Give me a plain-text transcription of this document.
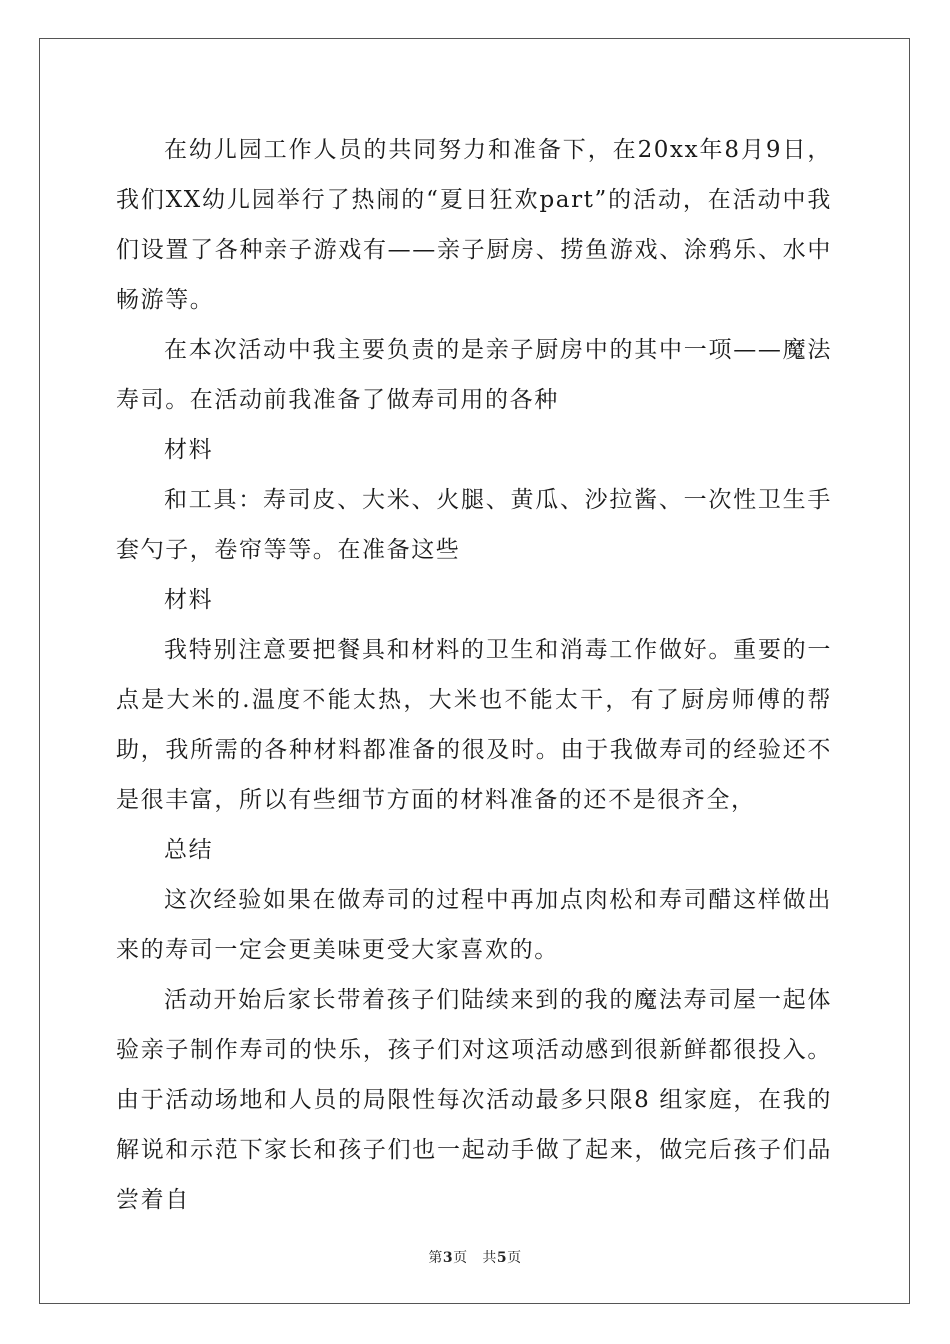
在幼儿园工作人员的共同努力和准备下，在20xx年8月9日，我们XX幼儿园举行了热闹的“夏日狂欢part”的活动，在活动中我们设置了各种亲子游戏有——亲子厨房、捞鱼游戏、涂鸦乐、水中畅游等。

在本次活动中我主要负责的是亲子厨房中的其中一项——魔法寿司。在活动前我准备了做寿司用的各种

材料

和工具：寿司皮、大米、火腿、黄瓜、沙拉酱、一次性卫生手套勺子，卷帘等等。在准备这些

材料

我特别注意要把餐具和材料的卫生和消毒工作做好。重要的一点是大米的.温度不能太热，大米也不能太干，有了厨房师傅的帮助，我所需的各种材料都准备的很及时。由于我做寿司的经验还不是很丰富，所以有些细节方面的材料准备的还不是很齐全，

总结

这次经验如果在做寿司的过程中再加点肉松和寿司醋这样做出来的寿司一定会更美味更受大家喜欢的。

活动开始后家长带着孩子们陆续来到的我的魔法寿司屋一起体验亲子制作寿司的快乐，孩子们对这项活动感到很新鲜都很投入。由于活动场地和人员的局限性每次活动最多只限8 组家庭，在我的解说和示范下家长和孩子们也一起动手做了起来，做完后孩子们品尝着自

第3页 共5页
